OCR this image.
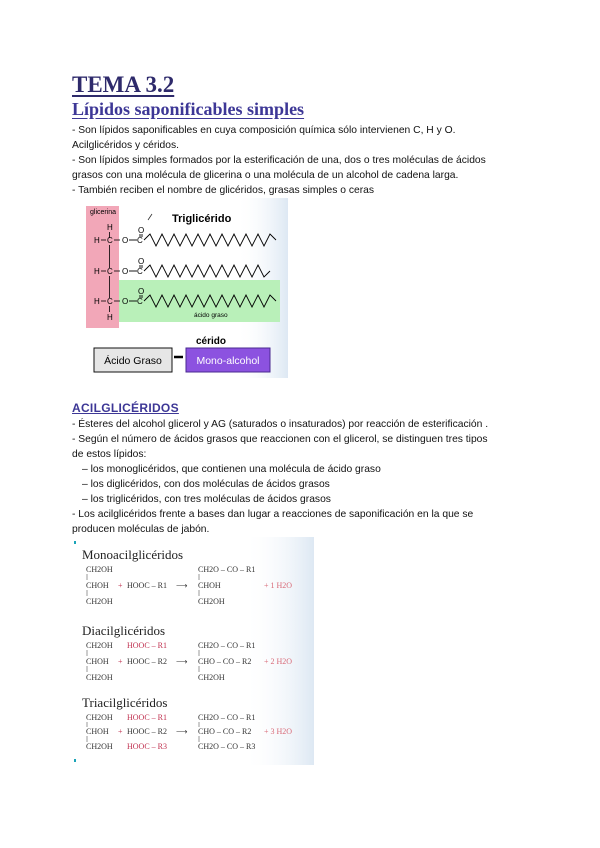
TEMA 3.2
Lípidos saponificables simples
- Son lípidos saponificables en cuya composición química sólo intervienen C, H y O.
Acilglicéridos y céridos.
- Son lípidos simples formados por la esterificación de una, dos o tres moléculas de ácidos
grasos con una molécula de glicerina o una molécula de un alcohol de cadena larga.
- También reciben el nombre de glicéridos, grasas simples o ceras
glicerina
Triglicérido
H
H C O
H C O
H C O
H
O
C
O
C
O
C
ácido graso
cérido
Ácido Graso	Mono-alcohol
ACILGLICÉRIDOS
- Ésteres del alcohol glicerol y AG (saturados o insaturados) por reacción de esterificación .
- Según el número de ácidos grasos que reaccionen con el glicerol, se distinguen tres tipos
de estos lípidos:
– los monoglicéridos, que contienen una molécula de ácido graso
– los diglicéridos, con dos moléculas de ácidos grasos
– los triglicéridos, con tres moléculas de ácidos grasos
- Los acilglicéridos frente a bases dan lugar a reacciones de saponificación en la que se
producen moléculas de jabón.
Monoacilglicéridos
CH2OH
CHOH
CH2OH
+ HOOC – R1 ⟶
CH2O – CO – R1
CHOH
CH2OH
+ 1 H2O
Diacilglicéridos
CH2OH
CHOH
CH2OH
HOOC – R1
+ HOOC – R2 ⟶
CH2O – CO – R1
CHO – CO – R2
CH2OH
+ 2 H2O
Triacilglicéridos
CH2OH
CHOH
CH2OH
HOOC – R1
+ HOOC – R2
HOOC – R3
⟶
CH2O – CO – R1
CHO – CO – R2
CH2O – CO – R3
+ 3 H2O
